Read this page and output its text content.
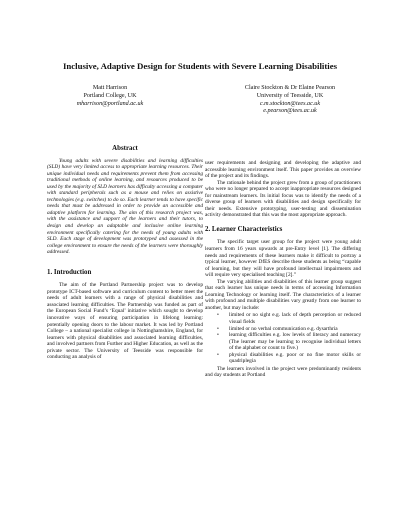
Inclusive, Adaptive Design for Students with Severe Learning Disabilities
Matt Harrison
Portland College, UK
mharrison@portland.ac.uk
Claire Stockton & Dr Elaine Pearson
University of Teesside, UK
c.m.stockton@tees.ac.uk
e.pearson@tees.ac.uk
Abstract

Young adults with severe disabilities and learning difficulties (SLD) have very limited access to appropriate learning resources. Their unique individual needs and requirements prevent them from accessing traditional methods of online learning, and resources produced to be used by the majority of SLD learners has difficulty accessing a computer with standard peripherals such as a mouse and relies on assistive technologies (e.g. switches) to do so. Each learner tends to have specific needs that must be addressed in order to provide an accessible and adaptive platform for learning. The aim of this research project was, with the assistance and support of the learners and their tutors, to design and develop an adaptable and inclusive online learning environment specifically catering for the needs of young adults with SLD. Each stage of development was prototyped and assessed in the college environment to ensure the needs of the learners were thoroughly addressed.

1. Introduction

The aim of the Portland Partnership project was to develop prototype ICT-based software and curriculum content to better meet the needs of adult learners with a range of physical disabilities and associated learning difficulties. The Partnership was funded as part of the European Social Fund’s ‘Equal’ initiative which sought to develop innovative ways of ensuring participation in lifelong learning: potentially opening doors to the labour market. It was led by Portland College – a national specialist college in Nottinghamshire, England, for learners with physical disabilities and associated learning difficulties, and involved partners from Further and Higher Education, as well as the private sector. The University of Teesside was responsible for conducting an analysis of

user requirements and designing and developing the adaptive and accessible learning environment itself. This paper provides an overview of the project and its findings.

The rationale behind the project grew from a group of practitioners who were no longer prepared to accept inappropriate resources designed for mainstream learners. Its initial focus was to identify the needs of a diverse group of learners with disabilities and design specifically for their needs. Extensive prototyping, user-testing and dissemination activity demonstrated that this was the most appropriate approach.

2. Learner Characteristics

The specific target user group for the project were young adult learners from 16 years upwards at pre-Entry level [1]. The differing needs and requirements of these learners make it difficult to portray a typical learner, however DfES describe these students as being “capable of learning, but they will have profound intellectual impairments and will require very specialised teaching [2].”

The varying abilities and disabilities of this learner group suggest that each learner has unique needs in terms of accessing Information Learning Technology or learning itself. The characteristics of a learner with profound and multiple disabilities vary greatly from one learner to another, but may include:

• limited or no sight e.g. lack of depth perception or reduced visual fields
• limited or no verbal communication e.g. dysarthria
• learning difficulties e.g. low levels of literacy and numeracy (The learner may be learning to recognise individual letters of the alphabet or count to five.)
• physical disabilities e.g. poor or no fine motor skills or quadriplegia

The learners involved in the project were predominantly residents and day students at Portland
